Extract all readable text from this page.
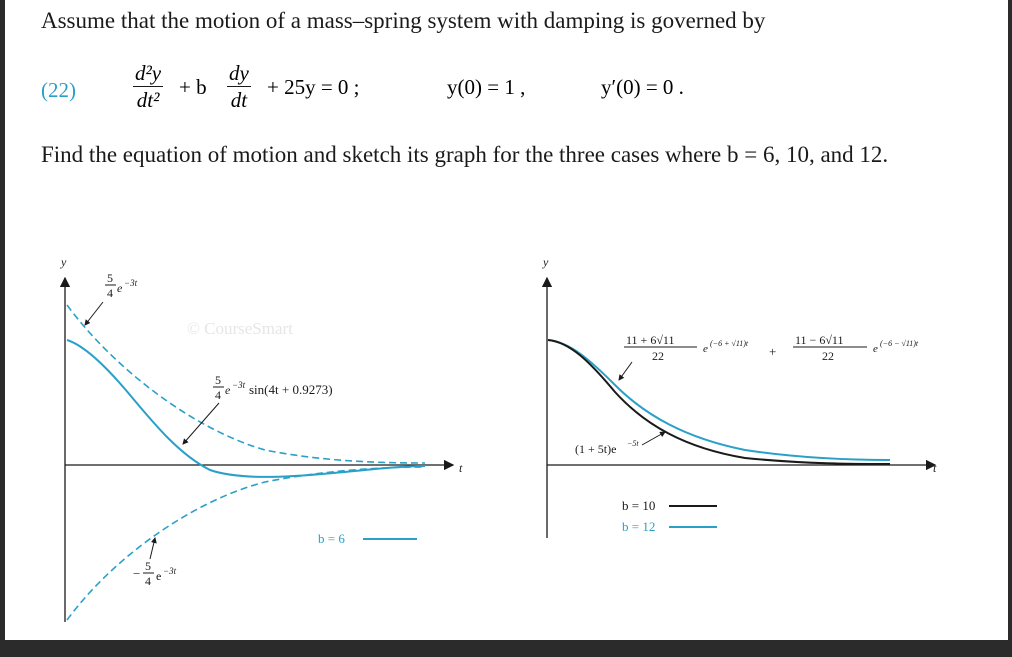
Assume that the motion of a mass–spring system with damping is governed by
(22)	$\frac{\text{d²y}}{\text{dt²}} + b \frac{dy}{dt} + 25y = 0$ ;	y(0) = 1 ,	y′(0) = 0 .
Find the equation of motion and sketch its graph for the three cases where b = 6, 10, and 12.
y
t
© CourseSmart
5
4 e −3t
5
4 e −3t sin(4t + 0.9273)
− 5
4 e −3t
b = 6
y
t
11 + 6√11
22	e (−6 + √11)t
+
11 − 6√11
22	e (−6 − √11)t
(1 + 5t)e −5t
b = 10
b = 12
